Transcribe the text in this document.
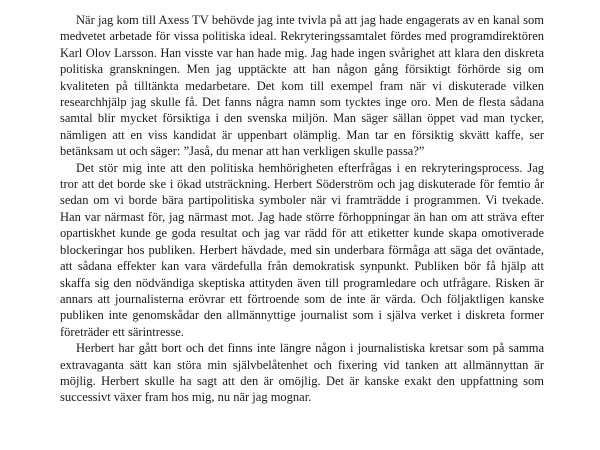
När jag kom till Axess TV behövde jag inte tvivla på att jag hade engagerats av en kanal som medvetet arbetade för vissa politiska ideal. Rekryteringssamtalet fördes med programdirektören Karl Olov Larsson. Han visste var han hade mig. Jag hade ingen svårighet att klara den diskreta politiska granskningen. Men jag upptäckte att han någon gång försiktigt förhörde sig om kvaliteten på tilltänkta medarbetare. Det kom till exempel fram när vi diskuterade vilken researchhjälp jag skulle få. Det fanns några namn som tycktes inge oro. Men de flesta sådana samtal blir mycket försiktiga i den svenska miljön. Man säger sällan öppet vad man tycker, nämligen att en viss kandidat är uppenbart olämplig. Man tar en försiktig skvätt kaffe, ser betänksam ut och säger: ”Jaså, du menar att han verkligen skulle passa?”

Det stör mig inte att den politiska hemhörigheten efterfrågas i en rekryteringsprocess. Jag tror att det borde ske i ökad utsträckning. Herbert Söderström och jag diskuterade för femtio år sedan om vi borde bära partipolitiska symboler när vi framträdde i programmen. Vi tvekade. Han var närmast för, jag närmast mot. Jag hade större förhoppningar än han om att sträva efter opartiskhet kunde ge goda resultat och jag var rädd för att etiketter kunde skapa omotiverade blockeringar hos publiken. Herbert hävdade, med sin underbara förmåga att säga det oväntade, att sådana effekter kan vara värdefulla från demokratisk synpunkt. Publiken bör få hjälp att skaffa sig den nödvändiga skeptiska attityden även till programledare och utfrågare. Risken är annars att journalisterna erövrar ett förtroende som de inte är värda. Och följaktligen kanske publiken inte genomskådar den allmännyttige journalist som i själva verket i diskreta former företräder ett särintresse.

Herbert har gått bort och det finns inte längre någon i journalistiska kretsar som på samma extravaganta sätt kan störa min självbelåtenhet och fixering vid tanken att allmännyttan är möjlig. Herbert skulle ha sagt att den är omöjlig. Det är kanske exakt den uppfattning som successivt växer fram hos mig, nu när jag mognar.
